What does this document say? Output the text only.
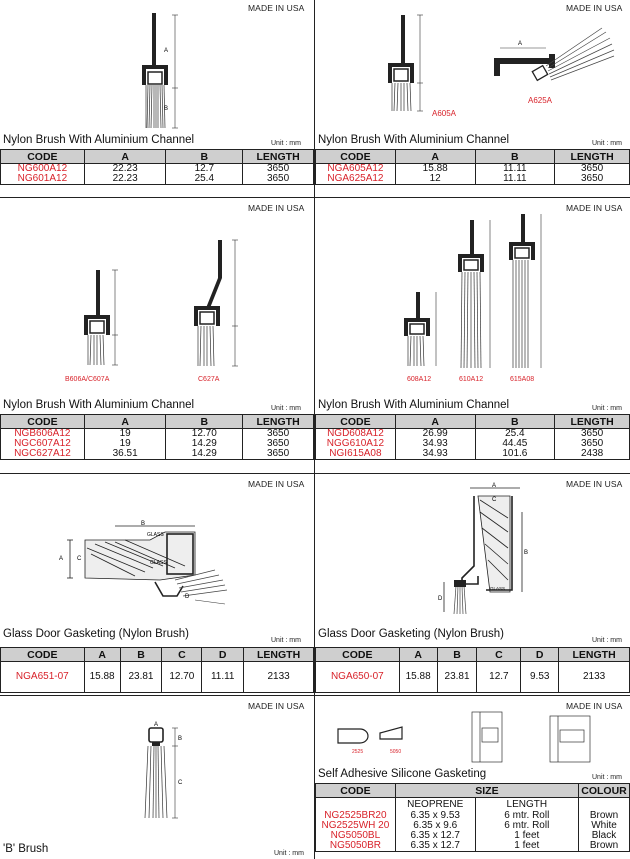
MADE IN USA
A
B
Nylon Brush With Aluminium Channel	Unit : mm
CODE	A	B	LENGTH
NG600A12	22.23	12.7	3650
NG601A12	22.23	25.4	3650
MADE IN USA
A605A
A
A625A
Nylon Brush With Aluminium Channel	Unit : mm
CODE	A	B	LENGTH
NGA605A12	15.88	11.11	3650
NGA625A12	12	11.11	3650
MADE IN USA
B606A/C607A	C627A
Nylon Brush With Aluminium Channel	Unit : mm
CODE	A	B	LENGTH
NGB606A12	19	12.70	3650
NGC607A12	19	14.29	3650
NGC627A12	36.51	14.29	3650
MADE IN USA
608A12	610A12	615A08
Nylon Brush With Aluminium Channel	Unit : mm
CODE	A	B	LENGTH
NGD608A12	26.99	25.4	3650
NGG610A12	34.93	44.45	3650
NGI615A08	34.93	101.6	2438
MADE IN USA
GLASS
GLASS
A C
B
D
Glass Door Gasketing (Nylon Brush)
Unit : mm
CODE	A	B	C	D	LENGTH
NGA651-07	15.88	23.81	12.70	11.11	2133
MADE IN USA
A
C
B
D
GLASS
Glass Door Gasketing (Nylon Brush)
Unit : mm
CODE	A	B	C	D	LENGTH
NGA650-07	15.88	23.81	12.7	9.53	2133
MADE IN USA
A
B
C
'B' Brush	Unit : mm
MADE IN USA
2525	5050
Self Adhesive Silicone Gasketing	Unit : mm
CODE	SIZE		COLOUR
	NEOPRENE	LENGTH	
NG2525BR20	6.35 x 9.53	6 mtr. Roll	Brown
NG2525WH 20	6.35 x 9.6	6 mtr. Roll	White
NG5050BL	6.35 x 12.7	1 feet	Black
NG5050BR	6.35 x 12.7	1 feet	Brown
